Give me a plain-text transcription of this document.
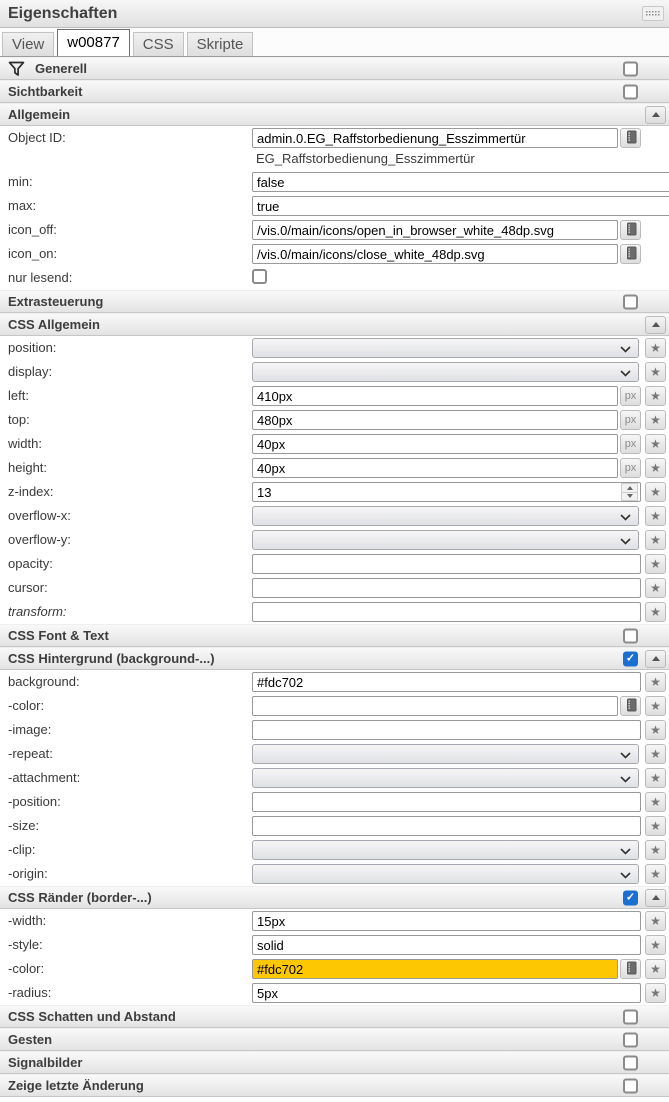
Eigenschaften
View	w00877	CSS	Skripte
Generell
Sichtbarkeit
Allgemein
Object ID:
admin.0.EG_Raffstorbedienung_Esszimmertür
EG_Raffstorbedienung_Esszimmertür
min:
false
max:
true
icon_off:
/vis.0/main/icons/open_in_browser_white_48dp.svg
icon_on:
/vis.0/main/icons/close_white_48dp.svg
nur lesend:
Extrasteuerung
CSS Allgemein
position:	★
display:	★
left:
410px	px	★
top:
480px	px	★
width:
40px	px	★
height:
40px	px	★
z-index:
13	★
overflow-x:	★
overflow-y:	★
opacity:	★
cursor:	★
transform:	★
CSS Font & Text
CSS Hintergrund (background-...)	✓
background:
#fdc702	★
-color:	★
-image:	★
-repeat:	★
-attachment:	★
-position:	★
-size:	★
-clip:	★
-origin:	★
CSS Ränder (border-...)	✓
-width:
15px	★
-style:
solid	★
-color:
#fdc702	★
-radius:
5px	★
CSS Schatten und Abstand
Gesten
Signalbilder
Zeige letzte Änderung
